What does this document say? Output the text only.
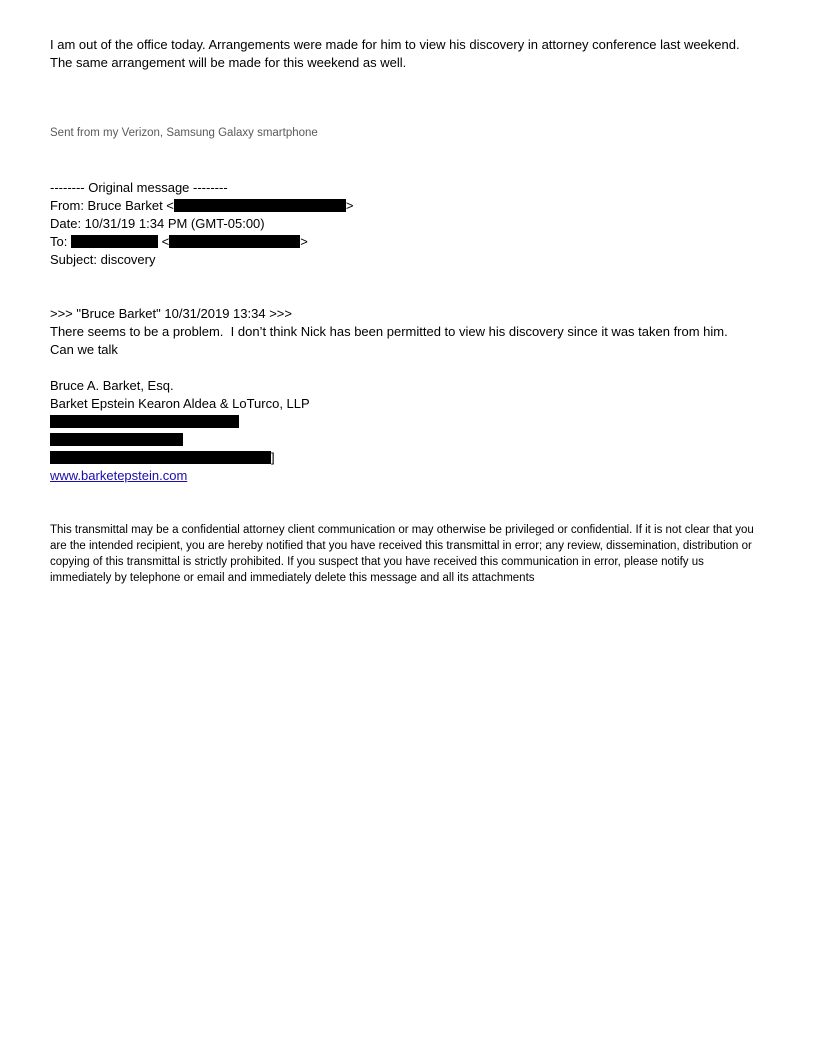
I am out of the office today. Arrangements were made for him to view his discovery in attorney conference last weekend. The same arrangement will be made for this weekend as well.
Sent from my Verizon, Samsung Galaxy smartphone
-------- Original message --------
From: Bruce Barket <	>
Date: 10/31/19 1:34 PM (GMT-05:00)
To:	<	>
Subject: discovery
>>> "Bruce Barket" 10/31/2019 13:34 >>>
There seems to be a problem.  I don’t think Nick has been permitted to view his discovery since it was taken from him.
Can we talk
Bruce A. Barket, Esq.
Barket Epstein Kearon Aldea & LoTurco, LLP
]
www.barketepstein.com
This transmittal may be a confidential attorney client communication or may otherwise be privileged or confidential. If it is not clear that you are the intended recipient, you are hereby notified that you have received this transmittal in error; any review, dissemination, distribution or copying of this transmittal is strictly prohibited. If you suspect that you have received this communication in error, please notify us immediately by telephone or email and immediately delete this message and all its attachments
